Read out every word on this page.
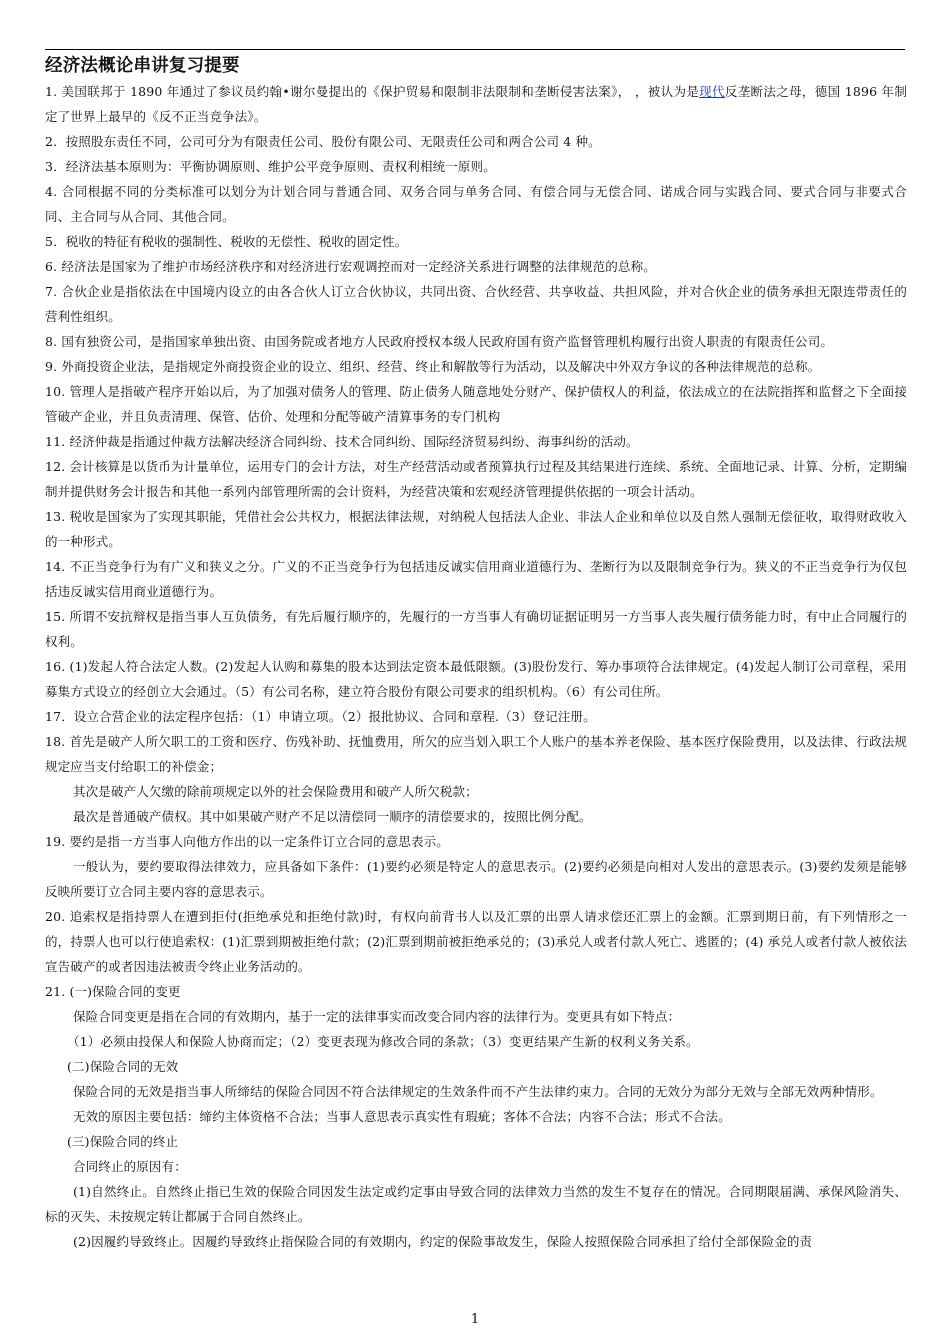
经济法概论串讲复习提要

1. 美国联邦于 1890 年通过了参议员约翰•谢尔曼提出的《保护贸易和限制非法限制和垄断侵害法案》， ，被认为是现代反垄断法之母，德国 1896 年制定了世界上最早的《反不正当竞争法》。

2．按照股东责任不同，公司可分为有限责任公司、股份有限公司、无限责任公司和两合公司 4 种。

3．经济法基本原则为：平衡协调原则、维护公平竞争原则、责权利相统一原则。

4. 合同根据不同的分类标准可以划分为计划合同与普通合同、双务合同与单务合同、有偿合同与无偿合同、诺成合同与实践合同、要式合同与非要式合同、主合同与从合同、其他合同。

5．税收的特征有税收的强制性、税收的无偿性、税收的固定性。

6. 经济法是国家为了维护市场经济秩序和对经济进行宏观调控而对一定经济关系进行调整的法律规范的总称。

7. 合伙企业是指依法在中国境内设立的由各合伙人订立合伙协议，共同出资、合伙经营、共享收益、共担风险，并对合伙企业的债务承担无限连带责任的营利性组织。

8. 国有独资公司，是指国家单独出资、由国务院或者地方人民政府授权本级人民政府国有资产监督管理机构履行出资人职责的有限责任公司。

9. 外商投资企业法，是指规定外商投资企业的设立、组织、经营、终止和解散等行为活动，以及解决中外双方争议的各种法律规范的总称。

10. 管理人是指破产程序开始以后，为了加强对债务人的管理、防止债务人随意地处分财产、保护债权人的利益，依法成立的在法院指挥和监督之下全面接管破产企业，并且负责清理、保管、估价、处理和分配等破产清算事务的专门机构

11. 经济仲裁是指通过仲裁方法解决经济合同纠纷、技术合同纠纷、国际经济贸易纠纷、海事纠纷的活动。

12. 会计核算是以货币为计量单位，运用专门的会计方法，对生产经营活动或者预算执行过程及其结果进行连续、系统、全面地记录、计算、分析，定期编制并提供财务会计报告和其他一系列内部管理所需的会计资料，为经营决策和宏观经济管理提供依据的一项会计活动。

13. 税收是国家为了实现其职能，凭借社会公共权力，根据法律法规，对纳税人包括法人企业、非法人企业和单位以及自然人强制无偿征收，取得财政收入的一种形式。

14. 不正当竞争行为有广义和狭义之分。广义的不正当竞争行为包括违反诚实信用商业道德行为、垄断行为以及限制竞争行为。狭义的不正当竞争行为仅包括违反诚实信用商业道德行为。

15. 所谓不安抗辩权是指当事人互负债务，有先后履行顺序的，先履行的一方当事人有确切证据证明另一方当事人丧失履行债务能力时，有中止合同履行的权利。

16. (1)发起人符合法定人数。(2)发起人认购和募集的股本达到法定资本最低限额。(3)股份发行、筹办事项符合法律规定。(4)发起人制订公司章程，采用募集方式设立的经创立大会通过。（5）有公司名称，建立符合股份有限公司要求的组织机构。（6）有公司住所。

17．设立合营企业的法定程序包括：（1）申请立项。（2）报批协议、合同和章程.（3）登记注册。

18. 首先是破产人所欠职工的工资和医疗、伤残补助、抚恤费用，所欠的应当划入职工个人账户的基本养老保险、基本医疗保险费用，以及法律、行政法规规定应当支付给职工的补偿金；

其次是破产人欠缴的除前项规定以外的社会保险费用和破产人所欠税款；

最次是普通破产债权。其中如果破产财产不足以清偿同一顺序的清偿要求的，按照比例分配。

19. 要约是指一方当事人向他方作出的以一定条件订立合同的意思表示。

一般认为，要约要取得法律效力，应具备如下条件：(1)要约必须是特定人的意思表示。(2)要约必须是向相对人发出的意思表示。(3)要约发须是能够反映所要订立合同主要内容的意思表示。

20. 追索权是指持票人在遭到拒付(拒绝承兑和拒绝付款)时，有权向前背书人以及汇票的出票人请求偿还汇票上的金额。汇票到期日前，有下列情形之一的，持票人也可以行使追索权：(1)汇票到期被拒绝付款；(2)汇票到期前被拒绝承兑的；(3)承兑人或者付款人死亡、逃匿的；(4) 承兑人或者付款人被依法宣告破产的或者因违法被责令终止业务活动的。

21. (一)保险合同的变更

保险合同变更是指在合同的有效期内，基于一定的法律事实而改变合同内容的法律行为。变更具有如下特点：

（1）必须由投保人和保险人协商而定；（2）变更表现为修改合同的条款；（3）变更结果产生新的权利义务关系。

(二)保险合同的无效

保险合同的无效是指当事人所缔结的保险合同因不符合法律规定的生效条件而不产生法律约束力。合同的无效分为部分无效与全部无效两种情形。

无效的原因主要包括：缔约主体资格不合法；当事人意思表示真实性有瑕疵；客体不合法；内容不合法；形式不合法。

(三)保险合同的终止

合同终止的原因有：

(1)自然终止。自然终止指已生效的保险合同因发生法定或约定事由导致合同的法律效力当然的发生不复存在的情况。合同期限届满、承保风险消失、标的灭失、未按规定转让都属于合同自然终止。

(2)因履约导致终止。因履约导致终止指保险合同的有效期内，约定的保险事故发生，保险人按照保险合同承担了给付全部保险金的责

1
